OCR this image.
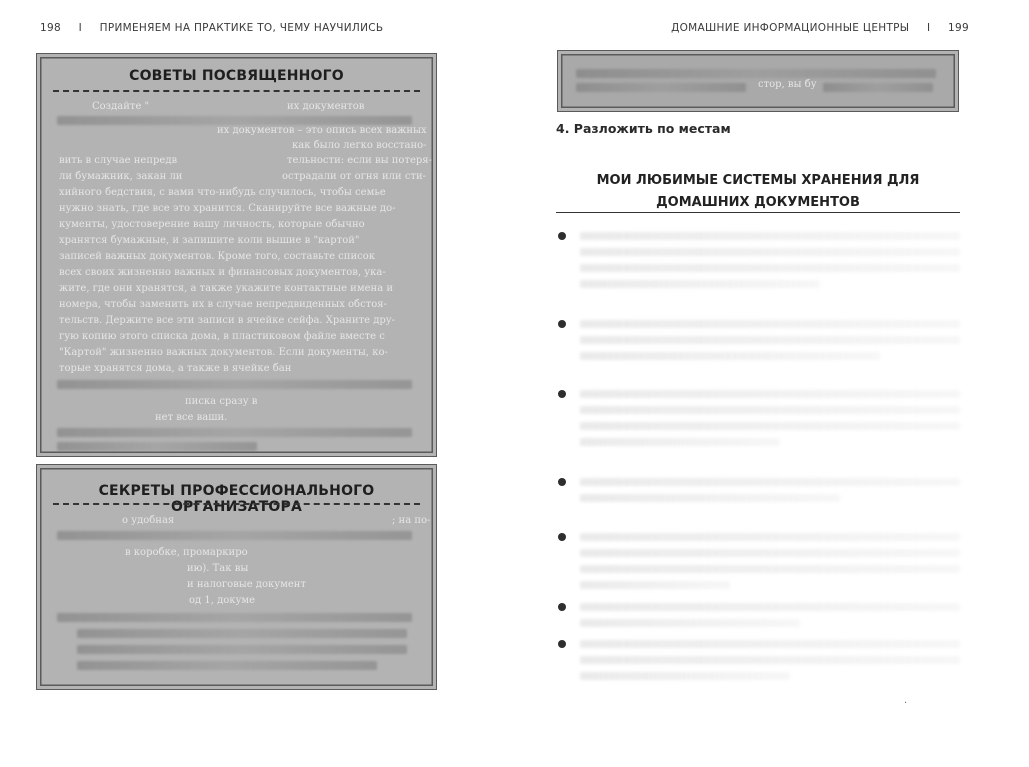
198 I ПРИМЕНЯЕМ НА ПРАКТИКЕ ТО, ЧЕМУ НАУЧИЛИСЬ
СОВЕТЫ ПОСВЯЩЕННОГО
Создайте "	их документов
их документов – это опись всех важных
как было легко восстано-
вить в случае непредв	тельности: если вы потеря-
ли бумажник, закан ли	острадали от огня или сти-
хийного бедствия, с вами что-нибудь случилось, чтобы семье
нужно знать, где все это хранится. Сканируйте все важные до-
кументы, удостоверение вашу личность, которые обычно
хранятся бумажные, и запишите коли вышие в "картой"
записей важных документов. Кроме того, составьте список
всех своих жизненно важных и финансовых документов, ука-
жите, где они хранятся, а также укажите контактные имена и
номера, чтобы заменить их в случае непредвиденных обстоя-
тельств. Держите все эти записи в ячейке сейфа. Храните дру-
гую копию этого списка дома, в пластиковом файле вместе с
"Картой" жизненно важных документов. Если документы, ко-
торые хранятся дома, а также в ячейке бан
писка сразу в
нет все ваши.
СЕКРЕТЫ ПРОФЕССИОНАЛЬНОГО ОРГАНИЗАТОРА
о удобная	; на по-
в коробке, промаркиро
ию). Так вы
и налоговые документ
од 1, докуме
ДОМАШНИЕ ИНФОРМАЦИОННЫЕ ЦЕНТРЫ I 199
стор, вы бу
4. Разложить по местам
МОИ ЛЮБИМЫЕ СИСТЕМЫ ХРАНЕНИЯ ДЛЯ
ДОМАШНИХ ДОКУМЕНТОВ
.
